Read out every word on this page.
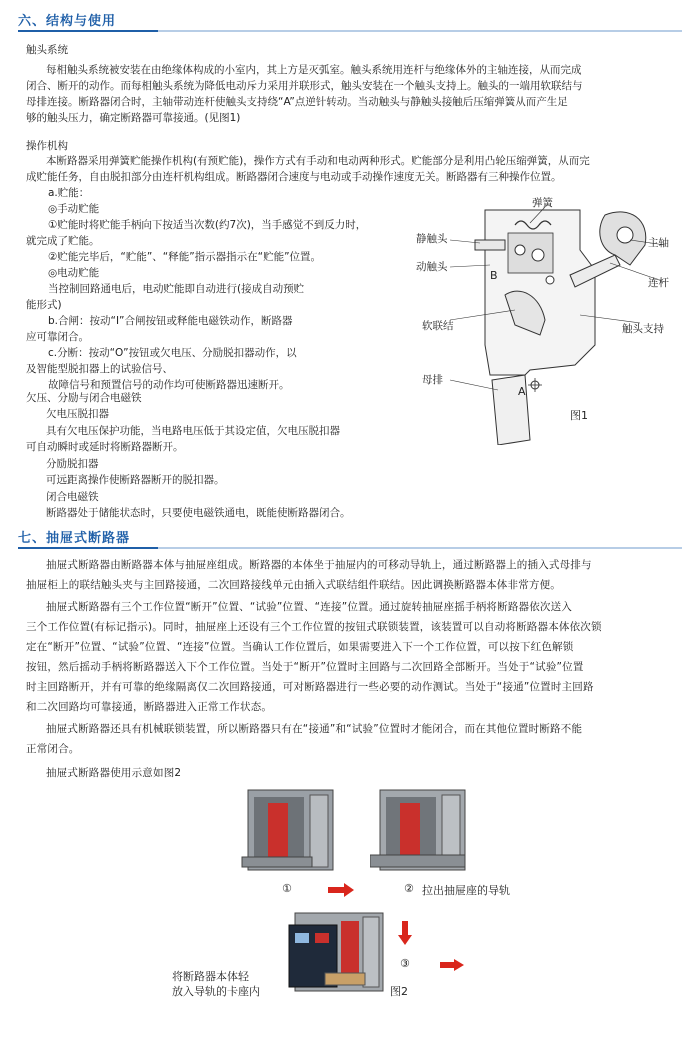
六、结构与使用
触头系统
每相触头系统被安装在由绝缘体构成的小室内，其上方是灭弧室。触头系统用连杆与绝缘体外的主轴连接，从而完成
闭合、断开的动作。而每相触头系统为降低电动斥力采用并联形式，触头安装在一个触头支持上。触头的一端用软联结与
母排连接。断路器闭合时，主轴带动连杆使触头支持绕“A”点逆针转动。当动触头与静触头接触后压缩弹簧从而产生足
够的触头压力，确定断路器可靠接通。(见图1)
操作机构
本断路器采用弹簧贮能操作机构(有预贮能)，操作方式有手动和电动两种形式。贮能部分是利用凸轮压缩弹簧，从而完
成贮能任务，自由脱扣部分由连杆机构组成。断路器闭合速度与电动或手动操作速度无关。断路器有三种操作位置。
a.贮能：
◎手动贮能
①贮能时将贮能手柄向下按适当次数(约7次)，当手感觉不到反力时，
就完成了贮能。
②贮能完毕后，“贮能”、“释能”指示器指示在“贮能”位置。
◎电动贮能
当控制回路通电后，电动贮能即自动进行(接成自动预贮
能形式)
b.合闸：按动“I”合闸按钮或释能电磁铁动作，断路器
应可靠闭合。
c.分断：按动“O”按钮或欠电压、分励脱扣器动作，以
及智能型脱扣器上的试验信号、
故障信号和预置信号的动作均可使断路器迅速断开。
欠压、分励与闭合电磁铁
欠电压脱扣器
具有欠电压保护功能，当电路电压低于其设定值，欠电压脱扣器
可自动瞬时或延时将断路器断开。
分励脱扣器
可远距离操作使断路器断开的脱扣器。
闭合电磁铁
断路器处于储能状态时，只要使电磁铁通电，既能使断路器闭合。
弹簧
静触头
动触头
B
软联结
母排
A
主轴
连杆
触头支持
图1
七、抽屉式断路器
抽屉式断路器由断路器本体与抽屉座组成。断路器的本体坐于抽屉内的可移动导轨上，通过断路器上的插入式母排与
抽屉柜上的联结触头夹与主回路接通，二次回路接线单元由插入式联结组件联结。因此调换断路器本体非常方便。
抽屉式断路器有三个工作位置“断开”位置、“试验”位置、“连接”位置。通过旋转抽屉座摇手柄将断路器依次送入
三个工作位置(有标记指示)。同时，抽屉座上还设有三个工作位置的按钮式联锁装置，该装置可以自动将断路器本体依次锁
定在“断开”位置、“试验”位置、“连接”位置。当确认工作位置后，如果需要进入下一个工作位置，可以按下红色解锁
按钮，然后摇动手柄将断路器送入下个工作位置。当处于“断开”位置时主回路与二次回路全部断开。当处于“试验”位置
时主回路断开，并有可靠的绝缘隔离仅二次回路接通，可对断路器进行一些必要的动作测试。当处于“接通”位置时主回路
和二次回路均可靠接通，断路器进入正常工作状态。
抽屉式断路器还具有机械联锁装置，所以断路器只有在“接通”和“试验”位置时才能闭合，而在其他位置时断路不能
正常闭合。
抽屉式断路器使用示意如图2
①	② 拉出抽屉座的导轨
③
将断路器本体轻
放入导轨的卡座内	图2
